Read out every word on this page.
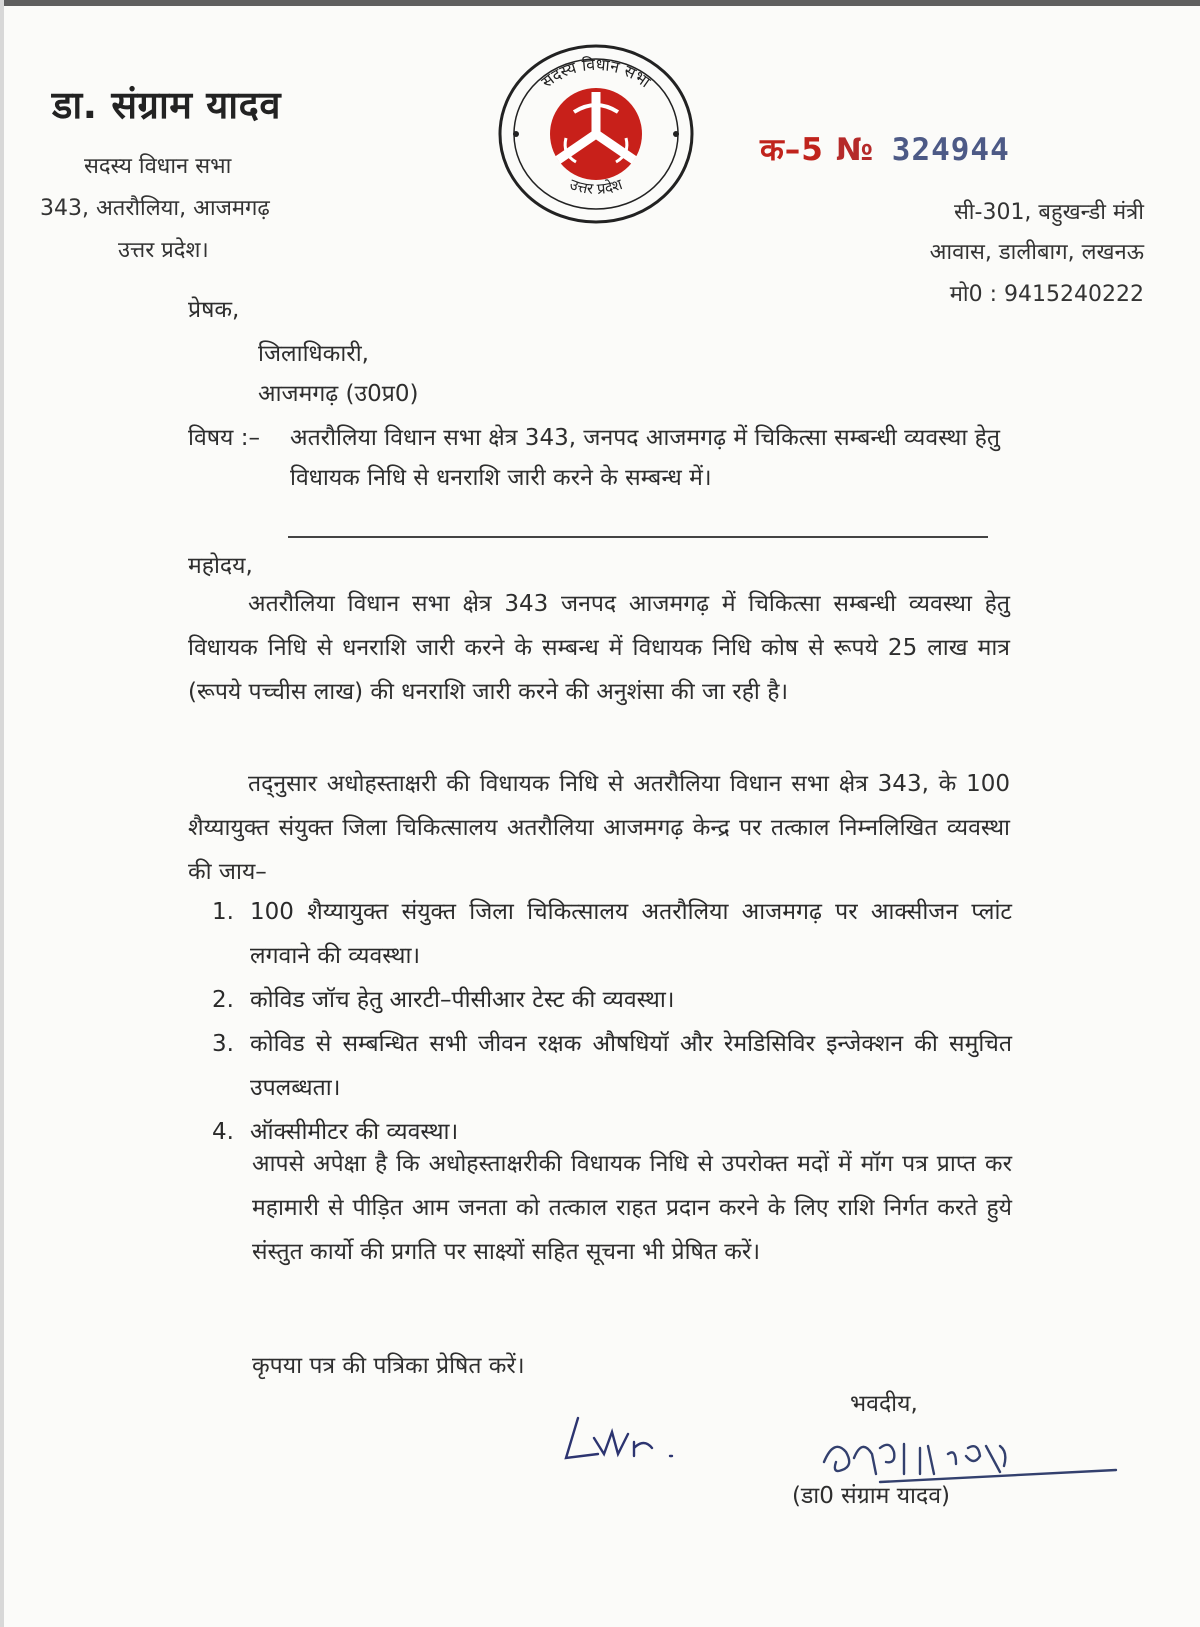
डा. संग्राम यादव
सदस्य विधान सभा
343, अतरौलिया, आजमगढ़
उत्तर प्रदेश।
सदस्य विधान सभा
उत्तर प्रदेश
क–5 № 324944
सी-301, बहुखन्डी मंत्री
आवास, डालीबाग, लखनऊ
मो0 : 9415240222
प्रेषक,
जिलाधिकारी,
आजमगढ़ (उ0प्र0)
विषय :– अतरौलिया विधान सभा क्षेत्र 343, जनपद आजमगढ़ में चिकित्सा सम्बन्धी व्यवस्था हेतु विधायक निधि से धनराशि जारी करने के सम्बन्ध में।
महोदय,
अतरौलिया विधान सभा क्षेत्र 343 जनपद आजमगढ़ में चिकित्सा सम्बन्धी व्यवस्था हेतु विधायक निधि से धनराशि जारी करने के सम्बन्ध में विधायक निधि कोष से रूपये 25 लाख मात्र (रूपये पच्चीस लाख) की धनराशि जारी करने की अनुशंसा की जा रही है।
तद्नुसार अधोहस्ताक्षरी की विधायक निधि से अतरौलिया विधान सभा क्षेत्र 343, के 100 शैय्यायुक्त संयुक्त जिला चिकित्सालय अतरौलिया आजमगढ़ केन्द्र पर तत्काल निम्नलिखित व्यवस्था की जाय–
1. 100 शैय्यायुक्त संयुक्त जिला चिकित्सालय अतरौलिया आजमगढ़ पर आक्सीजन प्लांट लगवाने की व्यवस्था।
2. कोविड जॉच हेतु आरटी–पीसीआर टेस्ट की व्यवस्था।
3. कोविड से सम्बन्धित सभी जीवन रक्षक औषधियॉ और रेमडिसिविर इन्जेक्शन की समुचित उपलब्धता।
4. ऑक्सीमीटर की व्यवस्था।
आपसे अपेक्षा है कि अधोहस्ताक्षरीकी विधायक निधि से उपरोक्त मदों में मॉग पत्र प्राप्त कर महामारी से पीड़ित आम जनता को तत्काल राहत प्रदान करने के लिए राशि निर्गत करते हुये संस्तुत कार्यो की प्रगति पर साक्ष्यों सहित सूचना भी प्रेषित करें।
कृपया पत्र की पत्रिका प्रेषित करें।
भवदीय,
(डा0 संग्राम यादव)
